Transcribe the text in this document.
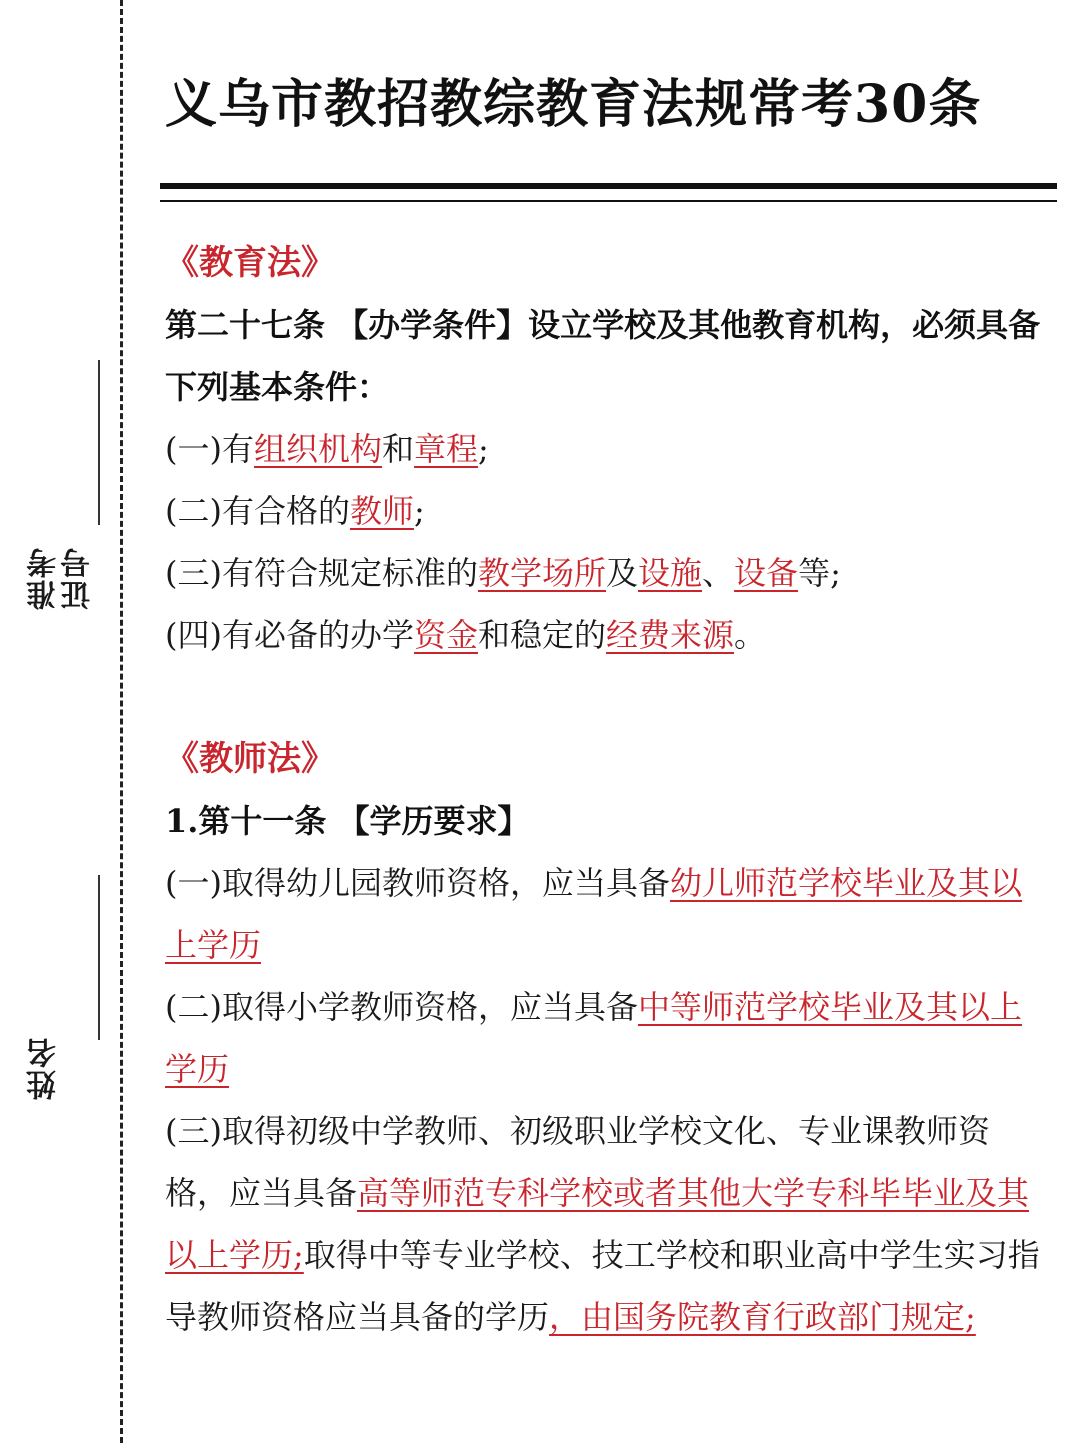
准考证号
姓名
义乌市教招教综教育法规常考30条
《教育法》
第二十七条 【办学条件】设立学校及其他教育机构，必须具备下列基本条件：
(一)有组织机构和章程;
(二)有合格的教师;
(三)有符合规定标准的教学场所及设施、设备等;
(四)有必备的办学资金和稳定的经费来源。
《教师法》
1.第十一条 【学历要求】
(一)取得幼儿园教师资格，应当具备幼儿师范学校毕业及其以上学历
(二)取得小学教师资格，应当具备中等师范学校毕业及其以上学历
(三)取得初级中学教师、初级职业学校文化、专业课教师资格，应当具备高等师范专科学校或者其他大学专科毕毕业及其以上学历;取得中等专业学校、技工学校和职业高中学生实习指导教师资格应当具备的学历，由国务院教育行政部门规定;
